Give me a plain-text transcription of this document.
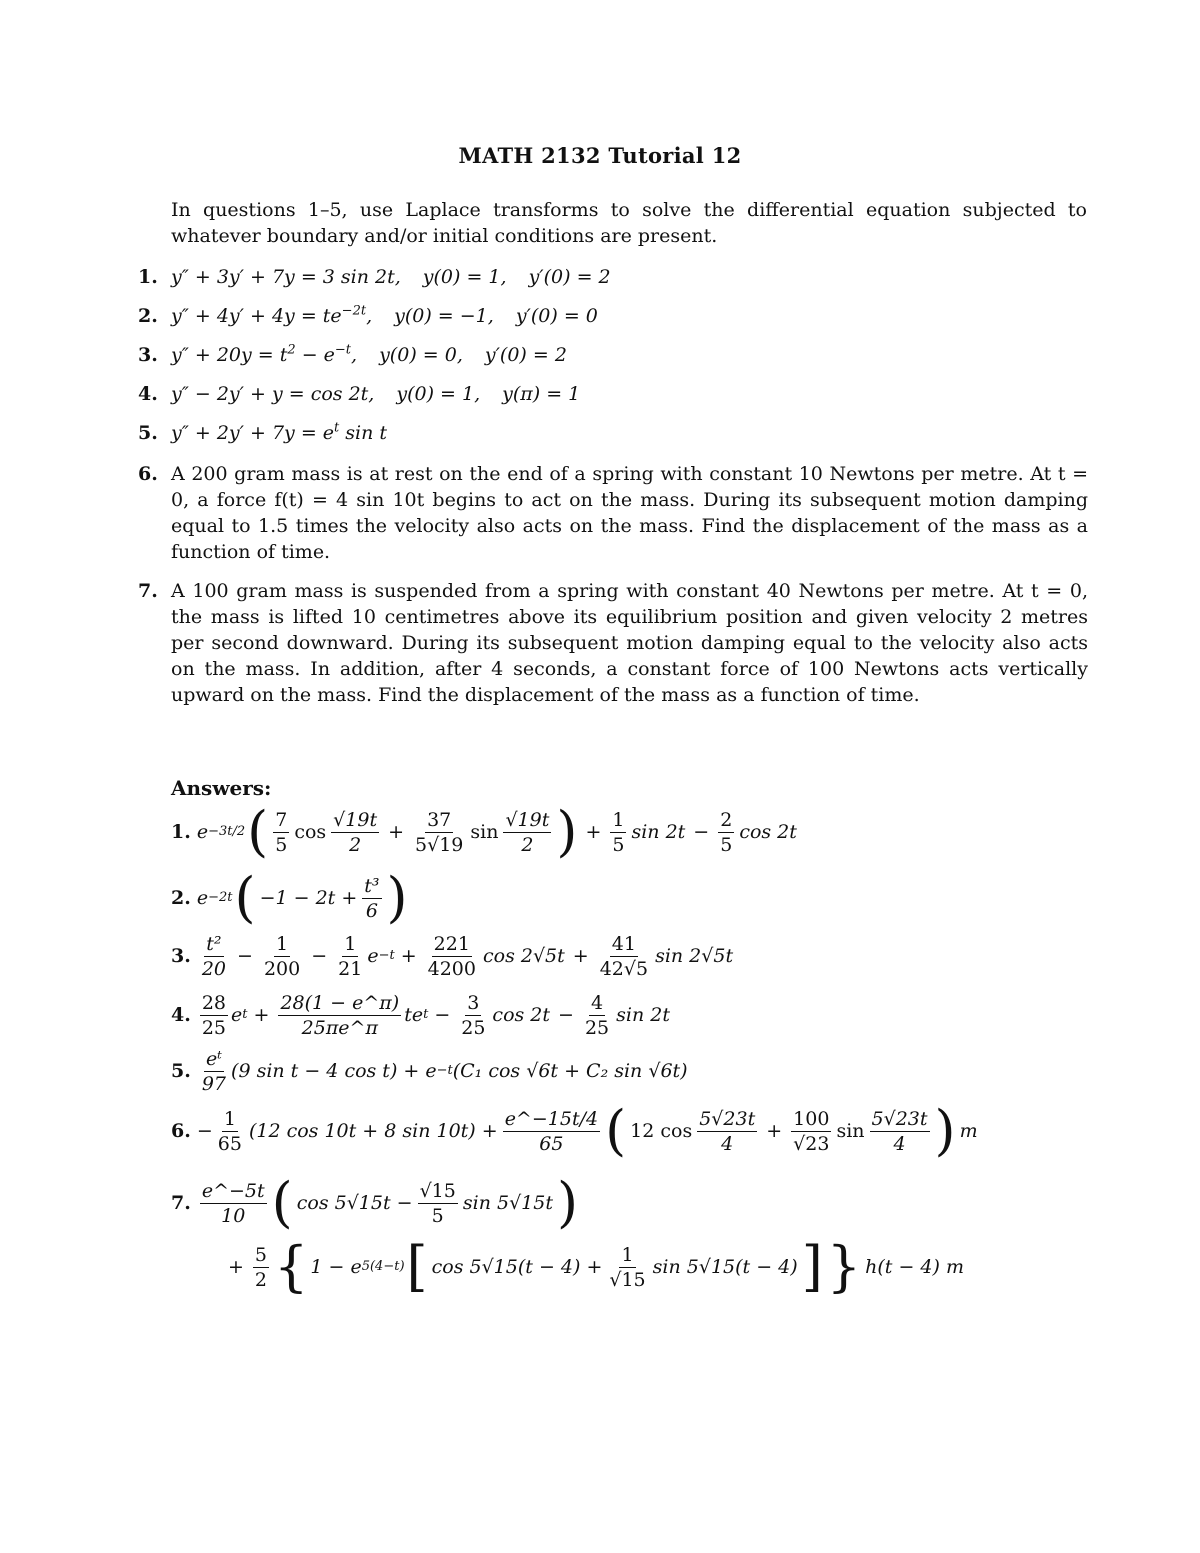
MATH 2132 Tutorial 12
In questions 1–5, use Laplace transforms to solve the differential equation subjected to whatever boundary and/or initial conditions are present.
1. y″ + 3y′ + 7y = 3 sin 2t, y(0) = 1, y′(0) = 2
2. $y'' + 4y' + 4y = te^{-2t}$, y(0) = −1, y′(0) = 0
3. $y'' + 20y = t^2 - e^{-t}$, y(0) = 0, y′(0) = 2
4. y″ − 2y′ + y = cos 2t, y(0) = 1, y(π) = 1
5. $y'' + 2y' + 7y = e^t$ sin t
6. A 200 gram mass is at rest on the end of a spring with constant 10 Newtons per metre. At t = 0, a force f(t) = 4 sin 10t begins to act on the mass. During its subsequent motion damping equal to 1.5 times the velocity also acts on the mass. Find the displacement of the mass as a function of time.
7. A 100 gram mass is suspended from a spring with constant 40 Newtons per metre. At t = 0, the mass is lifted 10 centimetres above its equilibrium position and given velocity 2 metres per second downward. During its subsequent motion damping equal to the velocity also acts on the mass. In addition, after 4 seconds, a constant force of 100 Newtons acts vertically upward on the mass. Find the displacement of the mass as a function of time.
Answers:
1. e −3t/2 ( $\frac{7}{5}$ $\cos \frac{√19t}{2} + \frac{37}{5√19}$ $\sin \frac{√19t}{2}$ ) + $\frac{1}{5}$ $\sin 2t - \frac{2}{5}$ cos 2t
2. e −2t ( $-1 - 2t + \frac{\text{t³}}{6}$ )
3. $\frac{\text{t²}}{20} - \frac{1}{200} - \frac{1}{21}$ $e -t + \frac{221}{4200}$ $\cos 2√5t + \frac{41}{42√5}$ sin 2√5t
4. $\frac{28}{25}$ e $t + \frac{28(1 - e\^{}\pi)}{25\pi e\^{}\pi}$ te $t - \frac{3}{25}$ $\cos 2t - \frac{4}{25}$ sin 2t
5. $\frac{\text{eᵗ}}{97} (9$ sin t − 4 cos t) + e −t (C₁ cos √6t + C₂ sin √6t)
6. − $\frac{1}{65} (12$ cos 10t + 8 $\sin 10t) + \frac{e\^{}-15t/4}{65}$ ( 12 $\cos \frac{5√23t}{4} + \frac{100}{√23}$ $\sin \frac{5√23t}{4}$ ) m
7. $\frac{e\^{}-5t}{10}$ ( $\cos 5√15t - \frac{√15}{5}$ sin 5√15t )
+ $\frac{5}{2}$ { 1 − e 5(4−t) [ $\cos 5√15(t - 4) + \frac{1}{√15}$ sin 5√15(t − 4) ] } h(t − 4) m
